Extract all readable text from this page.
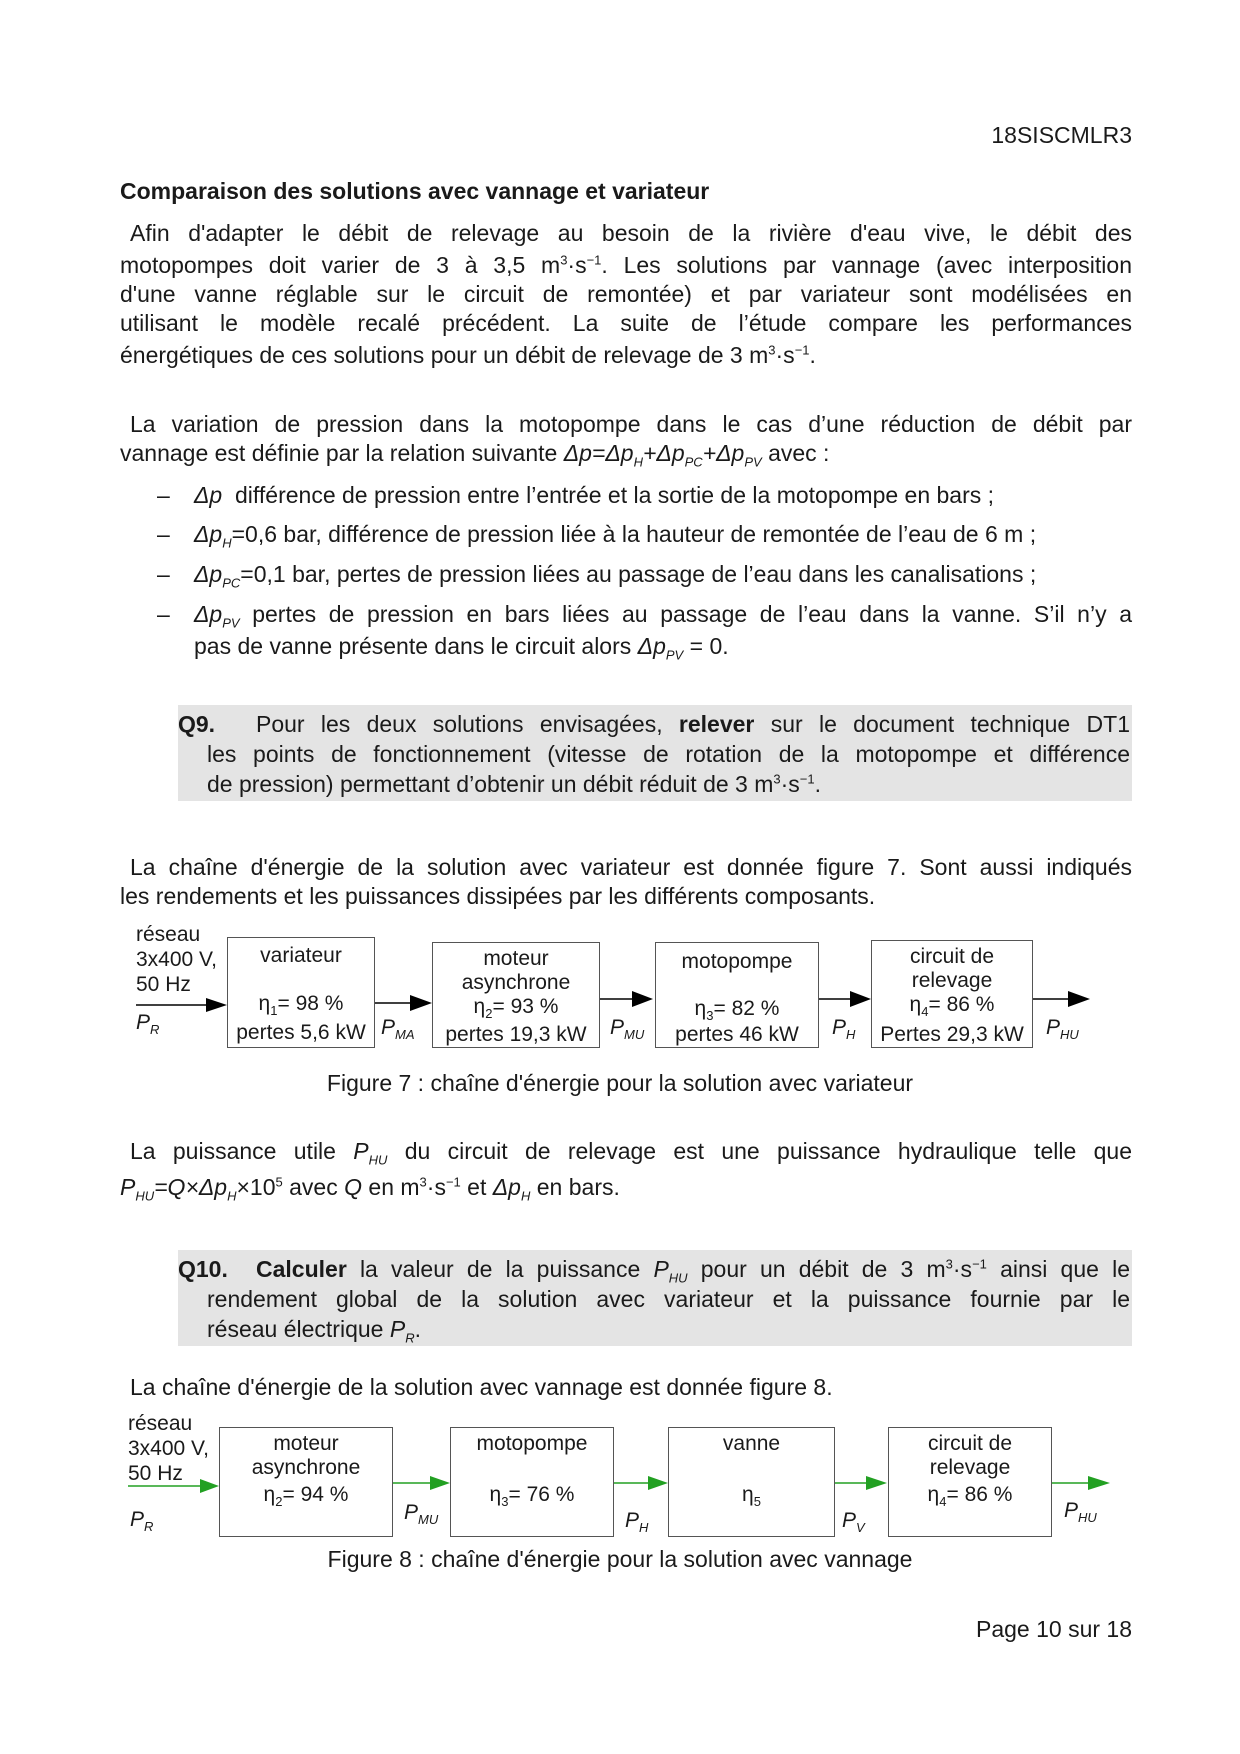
18SISCMLR3
Comparaison des solutions avec vannage et variateur
Afin d'adapter le débit de relevage au besoin de la rivière d'eau vive, le débit des
motopompes doit varier de 3 à 3,5 $m^3\cdot s^{-1}$. Les solutions par vannage (avec interposition
d'une vanne réglable sur le circuit de remontée) et par variateur sont modélisées en
utilisant le modèle recalé précédent. La suite de l’étude compare les performances
énergétiques de ces solutions pour un débit de relevage de 3 $m^3\cdot s^{-1}$.
La variation de pression dans la motopompe dans le cas d’une réduction de débit par
vannage est définie par la relation suivante $\Delta p=\Delta p_H+\Delta p_{PC}+\Delta p_{PV}$ avec :
– Δp différence de pression entre l’entrée et la sortie de la motopompe en bars ;
– $\Delta p_H=0,6$ bar, différence de pression liée à la hauteur de remontée de l’eau de 6 m ;
– $\Delta p_{PC}=0,1$ bar, pertes de pression liées au passage de l’eau dans les canalisations ;
– $\Delta p_{PV}$ pertes de pression en bars liées au passage de l’eau dans la vanne. S’il n’y a
pas de vanne présente dans le circuit alors $\Delta p_{PV} = 0$.
Q9. Pour les deux solutions envisagées, relever sur le document technique DT1
les points de fonctionnement (vitesse de rotation de la motopompe et différence
de pression) permettant d’obtenir un débit réduit de 3 $m^3\cdot s^{-1}$.
La chaîne d'énergie de la solution avec variateur est donnée figure 7. Sont aussi indiqués
les rendements et les puissances dissipées par les différents composants.
réseau
3x400 V,
50 Hz
variateur
$\eta_1= 98$ %
pertes 5,6 kW
moteur
asynchrone
$\eta_2= 93$ %
pertes 19,3 kW
motopompe
$\eta_3= 82$ %
pertes 46 kW
circuit de
relevage
$\eta_4= 86$ %
Pertes 29,3 kW
$P_R$	$P_{MA}$	$P_{MU}$	$P_H$	$P_{HU}$
Figure 7 : chaîne d'énergie pour la solution avec variateur
La puissance utile $P_{HU}$ du circuit de relevage est une puissance hydraulique telle que
$P_{HU}=Q\times\Delta p_H\times 10^5$ avec Q en $m^3\cdot s^{-1}$ et $\Delta p_H$ en bars.
Q10. Calculer la valeur de la puissance $P_{HU}$ pour un débit de 3 $m^3\cdot s^{-1}$ ainsi que le
rendement global de la solution avec variateur et la puissance fournie par le
réseau électrique $P_R$.
La chaîne d'énergie de la solution avec vannage est donnée figure 8.
réseau
3x400 V,
50 Hz
moteur
asynchrone
$\eta_2= 94$ %
motopompe
$\eta_3= 76$ %
vanne
$\eta_5$
circuit de
relevage
$\eta_4= 86$ %
$P_R$
$P_{MU}$	$P_H$	$P_V$
$P_{HU}$
Figure 8 : chaîne d'énergie pour la solution avec vannage
Page 10 sur 18
